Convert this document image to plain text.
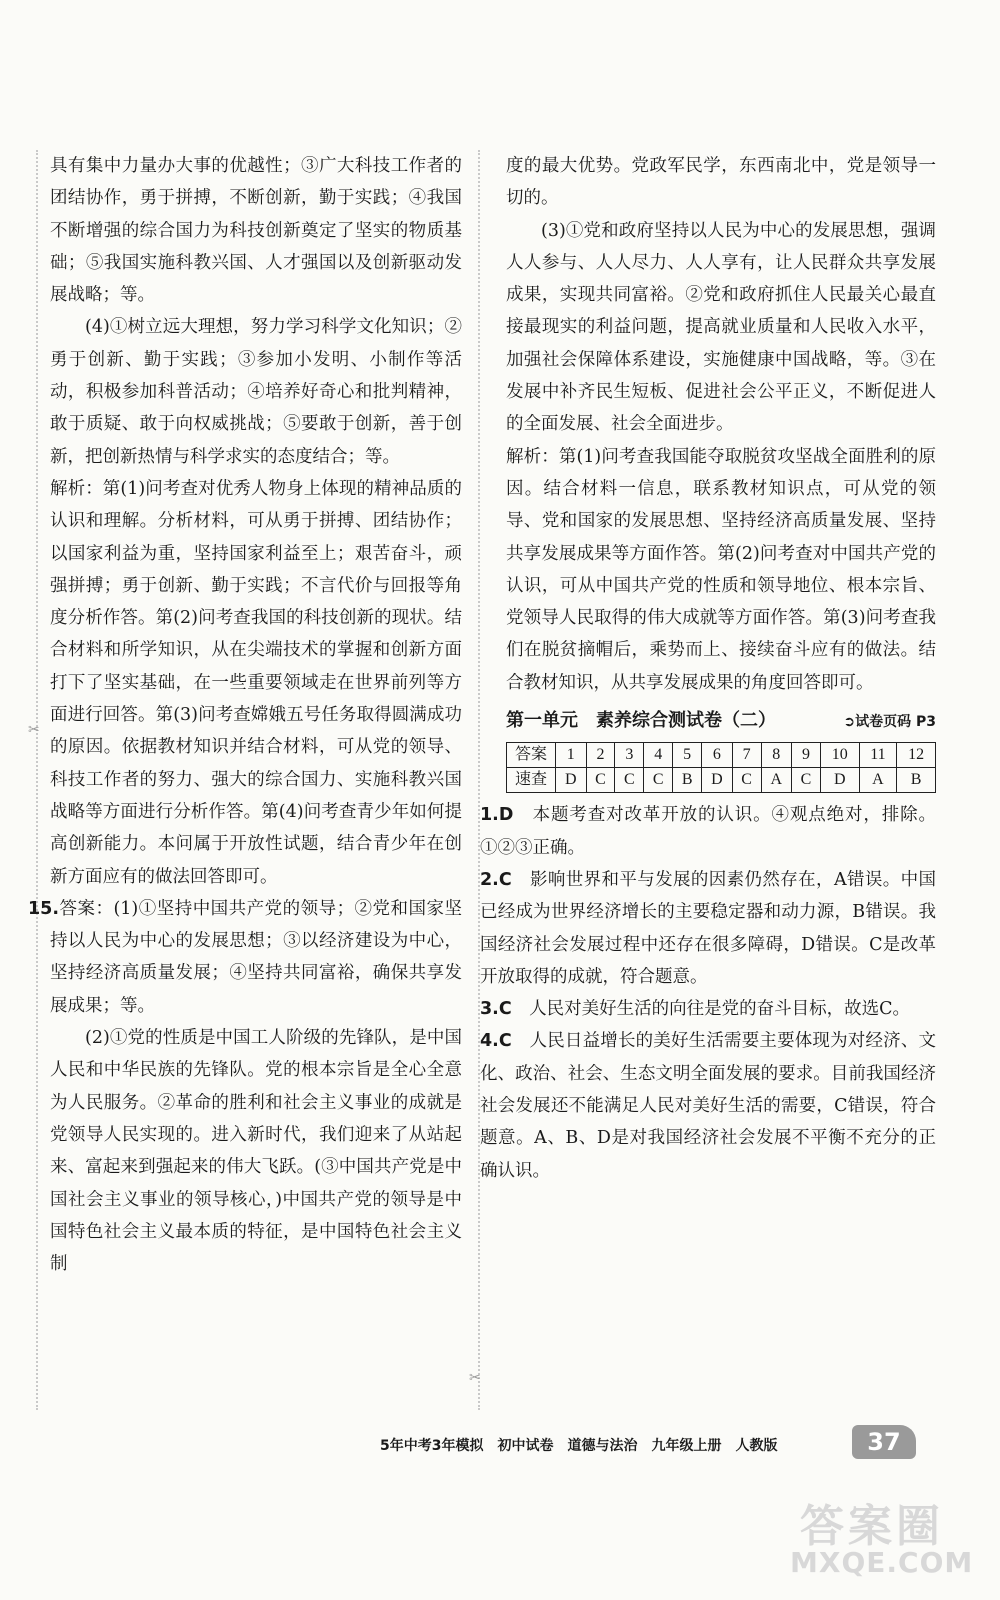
✂
✂

具有集中力量办大事的优越性；③广大科技工作者的团结协作，勇于拼搏，不断创新，勤于实践；④我国不断增强的综合国力为科技创新奠定了坚实的物质基础；⑤我国实施科教兴国、人才强国以及创新驱动发展战略；等。

(4)①树立远大理想，努力学习科学文化知识；②勇于创新、勤于实践；③参加小发明、小制作等活动，积极参加科普活动；④培养好奇心和批判精神，敢于质疑、敢于向权威挑战；⑤要敢于创新，善于创新，把创新热情与科学求实的态度结合；等。

解析：第(1)问考查对优秀人物身上体现的精神品质的认识和理解。分析材料，可从勇于拼搏、团结协作；以国家利益为重，坚持国家利益至上；艰苦奋斗，顽强拼搏；勇于创新、勤于实践；不言代价与回报等角度分析作答。第(2)问考查我国的科技创新的现状。结合材料和所学知识，从在尖端技术的掌握和创新方面打下了坚实基础，在一些重要领域走在世界前列等方面进行回答。第(3)问考查嫦娥五号任务取得圆满成功的原因。依据教材知识并结合材料，可从党的领导、科技工作者的努力、强大的综合国力、实施科教兴国战略等方面进行分析作答。第(4)问考查青少年如何提高创新能力。本问属于开放性试题，结合青少年在创新方面应有的做法回答即可。

15.答案：(1)①坚持中国共产党的领导；②党和国家坚持以人民为中心的发展思想；③以经济建设为中心，坚持经济高质量发展；④坚持共同富裕，确保共享发展成果；等。

(2)①党的性质是中国工人阶级的先锋队，是中国人民和中华民族的先锋队。党的根本宗旨是全心全意为人民服务。②革命的胜利和社会主义事业的成就是党领导人民实现的。进入新时代，我们迎来了从站起来、富起来到强起来的伟大飞跃。(③中国共产党是中国社会主义事业的领导核心，)中国共产党的领导是中国特色社会主义最本质的特征，是中国特色社会主义制

度的最大优势。党政军民学，东西南北中，党是领导一切的。

(3)①党和政府坚持以人民为中心的发展思想，强调人人参与、人人尽力、人人享有，让人民群众共享发展成果，实现共同富裕。②党和政府抓住人民最关心最直接最现实的利益问题，提高就业质量和人民收入水平，加强社会保障体系建设，实施健康中国战略，等。③在发展中补齐民生短板、促进社会公平正义，不断促进人的全面发展、社会全面进步。

解析：第(1)问考查我国能夺取脱贫攻坚战全面胜利的原因。结合材料一信息，联系教材知识点，可从党的领导、党和国家的发展思想、坚持经济高质量发展、坚持共享发展成果等方面作答。第(2)问考查对中国共产党的认识，可从中国共产党的性质和领导地位、根本宗旨、党领导人民取得的伟大成就等方面作答。第(3)问考查我们在脱贫摘帽后，乘势而上、接续奋斗应有的做法。结合教材知识，从共享发展成果的角度回答即可。

第一单元　素养综合测试卷（二）	➲试卷页码 P3
答案	1	2	3	4	5	6	7	8	9	10	11	12
速查	D	C	C	C	B	D	C	A	C	D	A	B

1.D　 本题考查对改革开放的认识。④观点绝对，排除。①②③正确。

2.C　 影响世界和平与发展的因素仍然存在，A错误。中国已经成为世界经济增长的主要稳定器和动力源，B错误。我国经济社会发展过程中还存在很多障碍，D错误。C是改革开放取得的成就，符合题意。

3.C　 人民对美好生活的向往是党的奋斗目标，故选C。

4.C　 人民日益增长的美好生活需要主要体现为对经济、文化、政治、社会、生态文明全面发展的要求。目前我国经济社会发展还不能满足人民对美好生活的需要，C错误，符合题意。A、B、D是对我国经济社会发展不平衡不充分的正确认识。

5年中考3年模拟 初中试卷 道德与法治 九年级上册 人教版	37
答案圈
MXQE.COM
